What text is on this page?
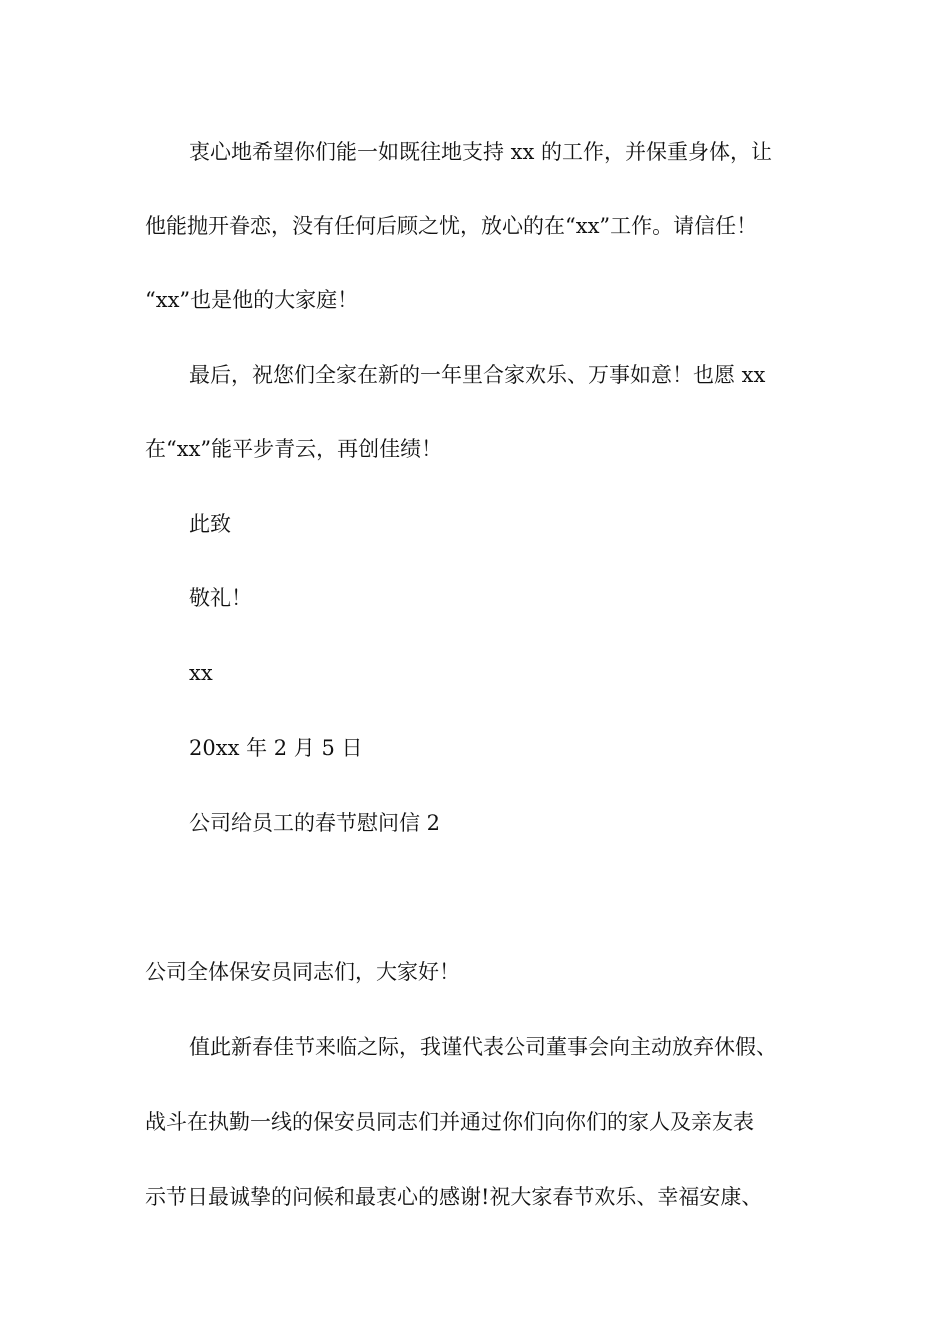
衷心地希望你们能一如既往地支持 xx 的工作，并保重身体，让

他能抛开眷恋，没有任何后顾之忧，放心的在“xx”工作。请信任！

“xx”也是他的大家庭！

最后，祝您们全家在新的一年里合家欢乐、万事如意！也愿 xx

在“xx”能平步青云，再创佳绩！

此致

敬礼！

xx

20xx 年 2 月 5 日

公司给员工的春节慰问信 2

公司全体保安员同志们，大家好！

值此新春佳节来临之际，我谨代表公司董事会向主动放弃休假、

战斗在执勤一线的保安员同志们并通过你们向你们的家人及亲友表

示节日最诚挚的问候和最衷心的感谢!祝大家春节欢乐、幸福安康、
